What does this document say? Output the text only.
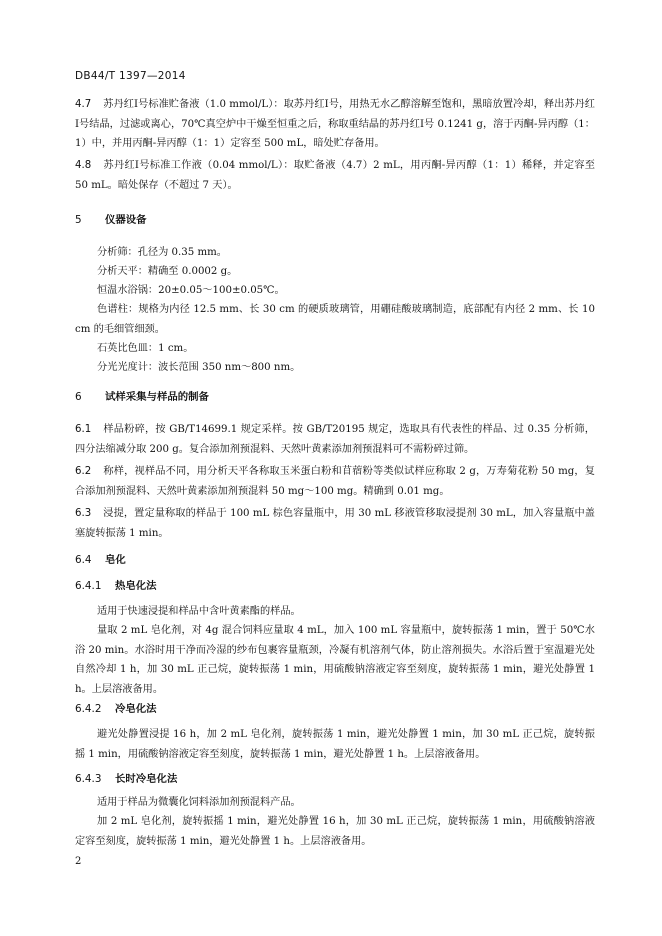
DB44/T 1397—2014
4.7 苏丹红Ⅰ号标准贮备液（1.0 mmol/L）：取苏丹红Ⅰ号，用热无水乙醇溶解至饱和，黑暗放置冷却，释出苏丹红Ⅰ号结晶，过滤或离心，70℃真空炉中干燥至恒重之后，称取重结晶的苏丹红Ⅰ号 0.1241 g，溶于丙酮-异丙醇（1：1）中，并用丙酮-异丙醇（1：1）定容至 500 mL，暗处贮存备用。
4.8 苏丹红Ⅰ号标准工作液（0.04 mmol/L）：取贮备液（4.7）2 mL，用丙酮-异丙醇（1：1）稀释，并定容至 50 mL。暗处保存（不超过 7 天）。
5 仪器设备
分析筛：孔径为 0.35 mm。
分析天平：精确至 0.0002 g。
恒温水浴锅：20±0.05～100±0.05℃。
色谱柱：规格为内径 12.5 mm、长 30 cm 的硬质玻璃管，用硼硅酸玻璃制造，底部配有内径 2 mm、长 10 cm 的毛细管细颈。
石英比色皿：1 cm。
分光光度计：波长范围 350 nm～800 nm。
6 试样采集与样品的制备
6.1 样品粉碎，按 GB/T14699.1 规定采样。按 GB/T20195 规定，选取具有代表性的样品、过 0.35 分析筛，四分法缩减分取 200 g。复合添加剂预混料、天然叶黄素添加剂预混料可不需粉碎过筛。
6.2 称样，视样品不同，用分析天平各称取玉米蛋白粉和苜蓿粉等类似试样应称取 2 g，万寿菊花粉 50 mg，复合添加剂预混料、天然叶黄素添加剂预混料 50 mg～100 mg。精确到 0.01 mg。
6.3 浸提，置定量称取的样品于 100 mL 棕色容量瓶中，用 30 mL 移液管移取浸提剂 30 mL，加入容量瓶中盖塞旋转振荡 1 min。
6.4 皂化
6.4.1 热皂化法
适用于快速浸提和样品中含叶黄素酯的样品。
量取 2 mL 皂化剂，对 4g 混合饲料应量取 4 mL，加入 100 mL 容量瓶中，旋转振荡 1 min，置于 50℃水浴 20 min。水浴时用干净而冷湿的纱布包裹容量瓶颈，冷凝有机溶剂气体，防止溶剂损失。水浴后置于室温避光处自然冷却 1 h，加 30 mL 正己烷，旋转振荡 1 min，用硫酸钠溶液定容至刻度，旋转振荡 1 min，避光处静置 1 h。上层溶液备用。
6.4.2 冷皂化法
避光处静置浸提 16 h，加 2 mL 皂化剂，旋转振荡 1 min，避光处静置 1 min，加 30 mL 正己烷，旋转振摇 1 min，用硫酸钠溶液定容至刻度，旋转振荡 1 min，避光处静置 1 h。上层溶液备用。
6.4.3 长时冷皂化法
适用于样品为微囊化饲料添加剂预混料产品。
加 2 mL 皂化剂，旋转振摇 1 min，避光处静置 16 h，加 30 mL 正己烷，旋转振荡 1 min，用硫酸钠溶液定容至刻度，旋转振荡 1 min，避光处静置 1 h。上层溶液备用。
2
